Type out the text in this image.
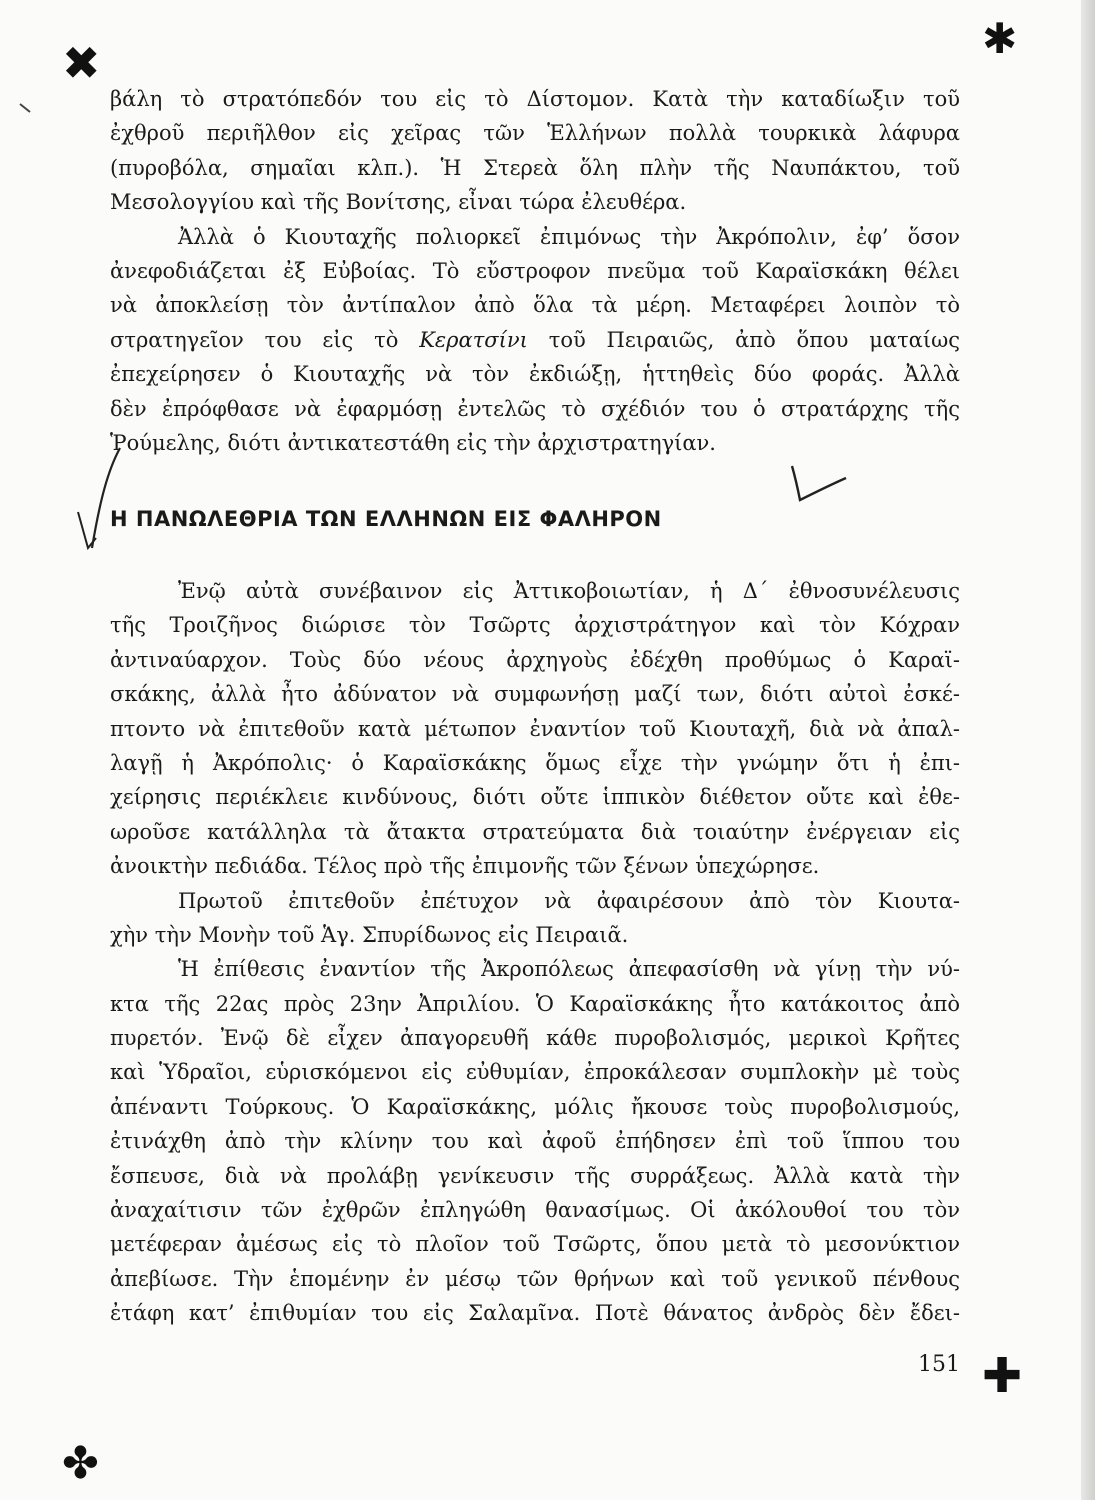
✖	✱
✚
✤
βάλη τὸ στρατόπεδόν του εἰς τὸ Δίστομον. Κατὰ τὴν καταδίωξιν τοῦ
ἐχθροῦ περιῆλθον εἰς χεῖρας τῶν Ἑλλήνων πολλὰ τουρκικὰ λάφυρα
(πυροβόλα, σημαῖαι κλπ.). Ἡ Στερεὰ ὅλη πλὴν τῆς Ναυπάκτου, τοῦ
Μεσολογγίου καὶ τῆς Βονίτσης, εἶναι τώρα ἐλευθέρα.
Ἀλλὰ ὁ Κιουταχῆς πολιορκεῖ ἐπιμόνως τὴν Ἀκρόπολιν, ἐφ’ ὅσον
ἀνεφοδιάζεται ἐξ Εὐβοίας. Τὸ εὔστροφον πνεῦμα τοῦ Καραϊσκάκη θέλει
νὰ ἀποκλείσῃ τὸν ἀντίπαλον ἀπὸ ὅλα τὰ μέρη. Μεταφέρει λοιπὸν τὸ
στρατηγεῖον του εἰς τὸ Κερατσίνι τοῦ Πειραιῶς, ἀπὸ ὅπου ματαίως
ἐπεχείρησεν ὁ Κιουταχῆς νὰ τὸν ἐκδιώξῃ, ἡττηθεὶς δύο φοράς. Ἀλλὰ
δὲν ἐπρόφθασε νὰ ἐφαρμόσῃ ἐντελῶς τὸ σχέδιόν του ὁ στρατάρχης τῆς
Ῥούμελης, διότι ἀντικατεστάθη εἰς τὴν ἀρχιστρατηγίαν.
Η ΠΑΝΩΛΕΘΡΙΑ ΤΩΝ ΕΛΛΗΝΩΝ ΕΙΣ ΦΑΛΗΡΟΝ
Ἐνῷ αὐτὰ συνέβαινον εἰς Ἀττικοβοιωτίαν, ἡ Δ΄ ἐθνοσυνέλευσις
τῆς Τροιζῆνος διώρισε τὸν Τσῶρτς ἀρχιστράτηγον καὶ τὸν Κόχραν
ἀντιναύαρχον. Τοὺς δύο νέους ἀρχηγοὺς ἐδέχθη προθύμως ὁ Καραϊ-
σκάκης, ἀλλὰ ἦτο ἀδύνατον νὰ συμφωνήσῃ μαζί των, διότι αὐτοὶ ἐσκέ-
πτοντο νὰ ἐπιτεθοῦν κατὰ μέτωπον ἐναντίον τοῦ Κιουταχῆ, διὰ νὰ ἀπαλ-
λαγῇ ἡ Ἀκρόπολις· ὁ Καραϊσκάκης ὅμως εἶχε τὴν γνώμην ὅτι ἡ ἐπι-
χείρησις περιέκλειε κινδύνους, διότι οὔτε ἱππικὸν διέθετον οὔτε καὶ ἐθε-
ωροῦσε κατάλληλα τὰ ἄτακτα στρατεύματα διὰ τοιαύτην ἐνέργειαν εἰς
ἀνοικτὴν πεδιάδα. Τέλος πρὸ τῆς ἐπιμονῆς τῶν ξένων ὑπεχώρησε.
Πρωτοῦ ἐπιτεθοῦν ἐπέτυχον νὰ ἀφαιρέσουν ἀπὸ τὸν Κιουτα-
χὴν τὴν Μονὴν τοῦ Ἁγ. Σπυρίδωνος εἰς Πειραιᾶ.
Ἡ ἐπίθεσις ἐναντίον τῆς Ἀκροπόλεως ἀπεφασίσθη νὰ γίνῃ τὴν νύ-
κτα τῆς 22ας πρὸς 23ην Ἀπριλίου. Ὁ Καραϊσκάκης ἦτο κατάκοιτος ἀπὸ
πυρετόν. Ἐνῷ δὲ εἶχεν ἀπαγορευθῆ κάθε πυροβολισμός, μερικοὶ Κρῆτες
καὶ Ὑδραῖοι, εὑρισκόμενοι εἰς εὐθυμίαν, ἐπροκάλεσαν συμπλοκὴν μὲ τοὺς
ἀπέναντι Τούρκους. Ὁ Καραϊσκάκης, μόλις ἤκουσε τοὺς πυροβολισμούς,
ἐτινάχθη ἀπὸ τὴν κλίνην του καὶ ἀφοῦ ἐπήδησεν ἐπὶ τοῦ ἵππου του
ἔσπευσε, διὰ νὰ προλάβῃ γενίκευσιν τῆς συρράξεως. Ἀλλὰ κατὰ τὴν
ἀναχαίτισιν τῶν ἐχθρῶν ἐπληγώθη θανασίμως. Οἱ ἀκόλουθοί του τὸν
μετέφεραν ἀμέσως εἰς τὸ πλοῖον τοῦ Τσῶρτς, ὅπου μετὰ τὸ μεσονύκτιον
ἀπεβίωσε. Τὴν ἑπομένην ἐν μέσῳ τῶν θρήνων καὶ τοῦ γενικοῦ πένθους
ἐτάφη κατ’ ἐπιθυμίαν του εἰς Σαλαμῖνα. Ποτὲ θάνατος ἀνδρὸς δὲν ἔδει-
151
